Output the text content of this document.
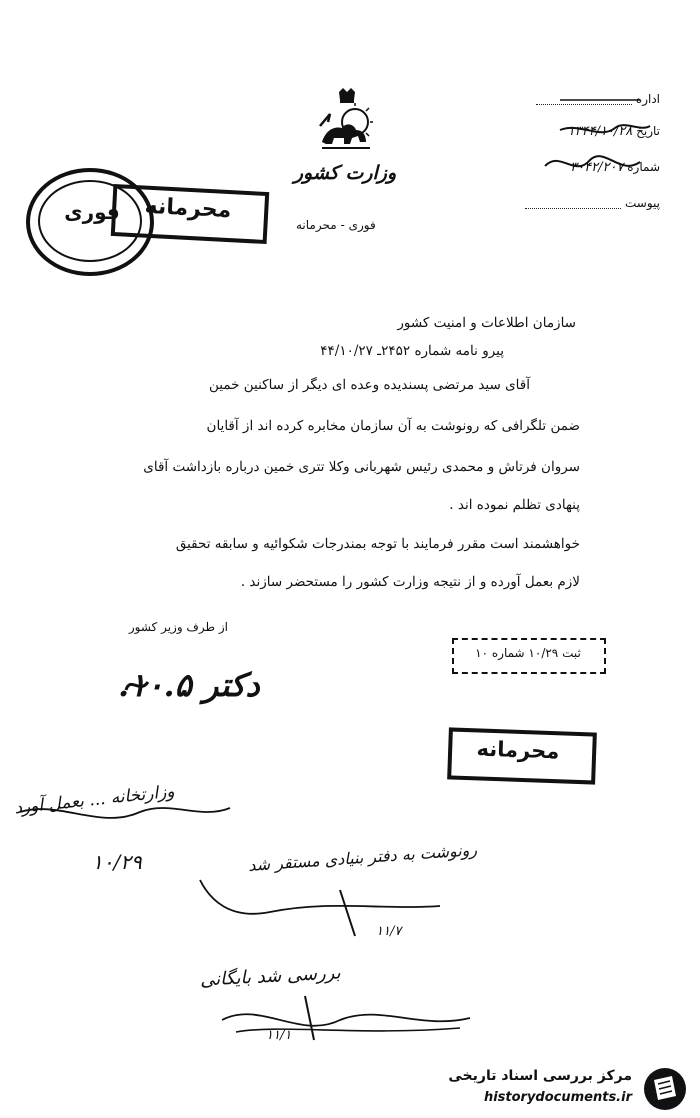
اداره
تاریخ ۱۳۴۴/۱۰/۲۸
شماره ۳۰۴۲/۲۰۷
پیوست
وزارت کشور
فوری - محرمانه
فوری	محرمانه
سازمان اطلاعات و امنیت کشور
پیرو نامه شماره ۲۴۵۲ـ ۴۴/۱۰/۲۷
آقای سید مرتضی پسندیده وعده ای دیگر از ساکنین خمین
ضمن تلگرافی که رونوشت به آن سازمان مخابره کرده اند از آقایان
سروان فرتاش و محمدی رئیس شهربانی وکلا تتری خمین درباره بازداشت آقای
پنهادی تظلم نموده اند .
خواهشمند است مقرر فرمایند با توجه بمندرجات شکوائیه و سابقه تحقیق
لازم بعمل آورده و از نتیجه وزارت کشور را مستحضر سازند .
از طرف وزیر کشور
دکتر ۱۰.۵.
ثبت ۱۰/۲۹ شماره ۱۰
محرمانه
وزارتخانه ... بعمل آورد
۱۰/۲۹	رونوشت به دفتر بنیادی مستقر شد
۱۱/۷
بررسی شد بایگانی
۱۱/۱
مرکز بررسی اسناد تاریخی
historydocuments.ir
